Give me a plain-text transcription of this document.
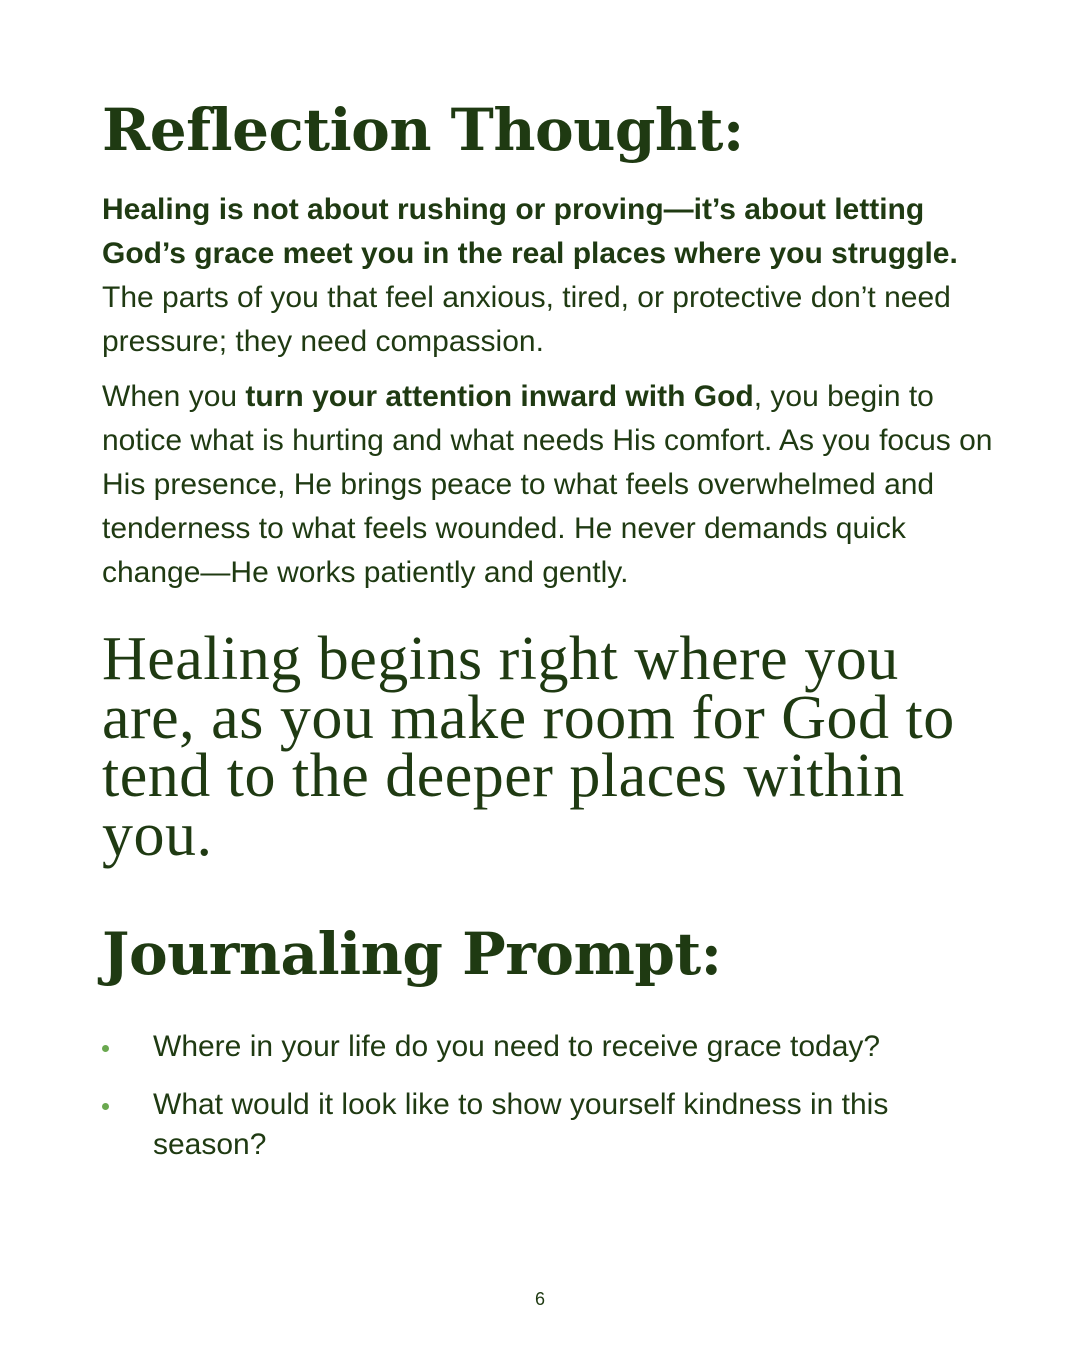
Reflection Thought:

Healing is not about rushing or proving—it’s about letting God’s grace meet you in the real places where you struggle. The parts of you that feel anxious, tired, or protective don’t need pressure; they need compassion.

When you turn your attention inward with God, you begin to notice what is hurting and what needs His comfort. As you focus on His presence, He brings peace to what feels overwhelmed and tenderness to what feels wounded. He never demands quick change—He works patiently and gently.

Healing begins right where you are, as you make room for God to tend to the deeper places within you.

Journaling Prompt:
Where in your life do you need to receive grace today?
What would it look like to show yourself kindness in this season?
6
